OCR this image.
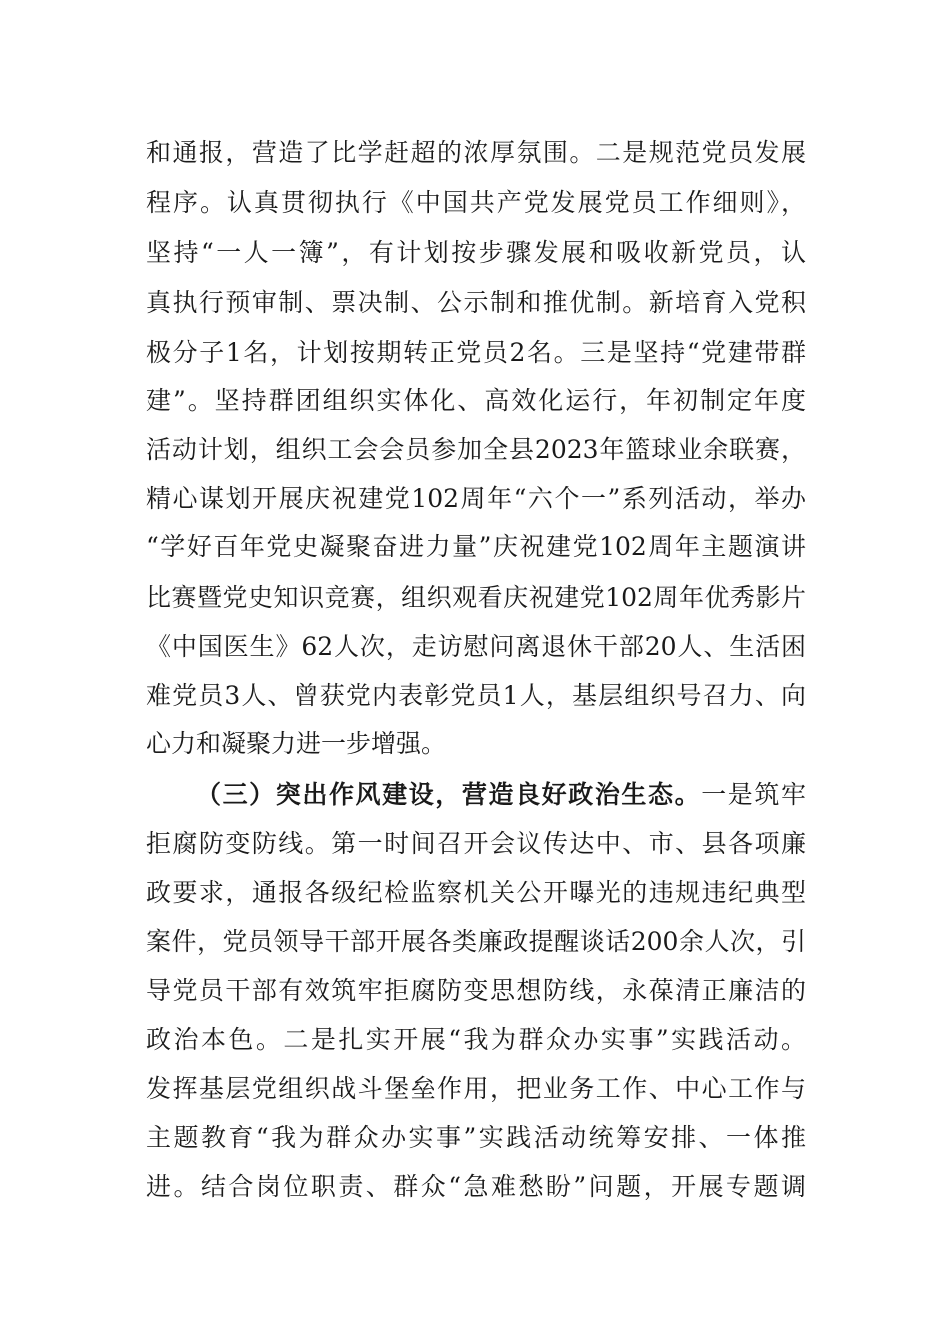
和通报，营造了比学赶超的浓厚氛围。二是规范党员发展
程序。认真贯彻执行《中国共产党发展党员工作细则》，
坚持“一人一簿”，有计划按步骤发展和吸收新党员，认
真执行预审制、票决制、公示制和推优制。新培育入党积
极分子1名，计划按期转正党员2名。三是坚持“党建带群
建”。坚持群团组织实体化、高效化运行，年初制定年度
活动计划，组织工会会员参加全县2023年篮球业余联赛，
精心谋划开展庆祝建党102周年“六个一”系列活动，举办
“学好百年党史凝聚奋进力量”庆祝建党102周年主题演讲
比赛暨党史知识竞赛，组织观看庆祝建党102周年优秀影片
《中国医生》62人次，走访慰问离退休干部20人、生活困
难党员3人、曾获党内表彰党员1人，基层组织号召力、向
心力和凝聚力进一步增强。
（三）突出作风建设，营造良好政治生态。一是筑牢
拒腐防变防线。第一时间召开会议传达中、市、县各项廉
政要求，通报各级纪检监察机关公开曝光的违规违纪典型
案件，党员领导干部开展各类廉政提醒谈话200余人次，引
导党员干部有效筑牢拒腐防变思想防线，永葆清正廉洁的
政治本色。二是扎实开展“我为群众办实事”实践活动。
发挥基层党组织战斗堡垒作用，把业务工作、中心工作与
主题教育“我为群众办实事”实践活动统筹安排、一体推
进。结合岗位职责、群众“急难愁盼”问题，开展专题调
